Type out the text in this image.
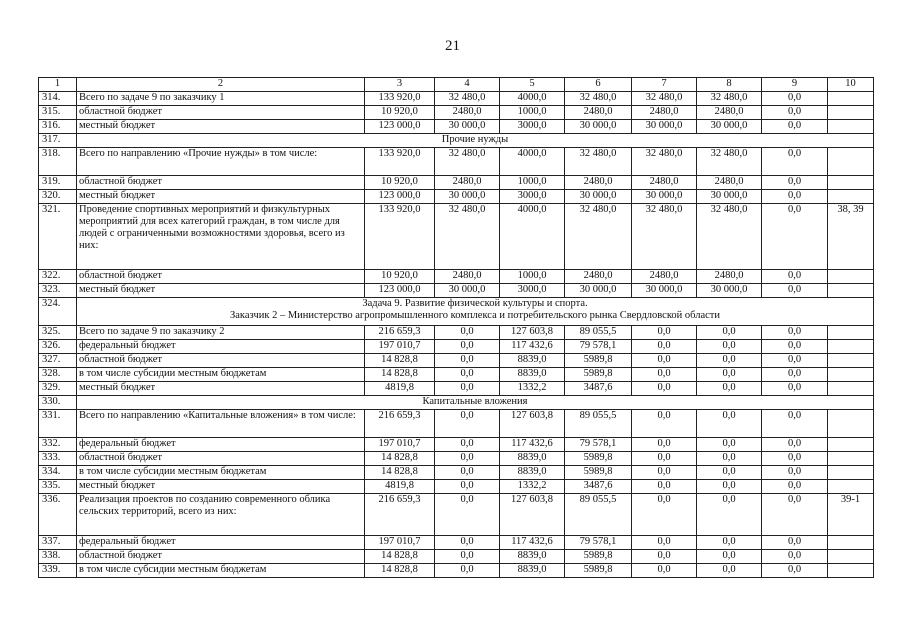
21
1	2	3	4	5	6	7	8	9	10
314.	Всего по задаче 9 по заказчику 1	133 920,0	32 480,0	4000,0	32 480,0	32 480,0	32 480,0	0,0	
315.	областной бюджет	10 920,0	2480,0	1000,0	2480,0	2480,0	2480,0	0,0	
316.	местный бюджет	123 000,0	30 000,0	3000,0	30 000,0	30 000,0	30 000,0	0,0	
317.	Прочие нужды								
318.	Всего по направлению «Прочие нужды» в том числе:	133 920,0	32 480,0	4000,0	32 480,0	32 480,0	32 480,0	0,0	
319.	областной бюджет	10 920,0	2480,0	1000,0	2480,0	2480,0	2480,0	0,0	
320.	местный бюджет	123 000,0	30 000,0	3000,0	30 000,0	30 000,0	30 000,0	0,0	
321.	Проведение спортивных мероприятий и физкультурных мероприятий для всех категорий граждан, в том числе для людей с ограниченными возможностями здоровья, всего из них:	133 920,0	32 480,0	4000,0	32 480,0	32 480,0	32 480,0	0,0	38, 39
322.	областной бюджет	10 920,0	2480,0	1000,0	2480,0	2480,0	2480,0	0,0	
323.	местный бюджет	123 000,0	30 000,0	3000,0	30 000,0	30 000,0	30 000,0	0,0	
324.	Задача 9. Развитие физической культуры и спорта.
Заказчик 2 – Министерство агропромышленного комплекса и потребительского рынка Свердловской области								

325.	Всего по задаче 9 по заказчику 2	216 659,3	0,0	127 603,8	89 055,5	0,0	0,0	0,0	
326.	федеральный бюджет	197 010,7	0,0	117 432,6	79 578,1	0,0	0,0	0,0	
327.	областной бюджет	14 828,8	0,0	8839,0	5989,8	0,0	0,0	0,0	
328.	в том числе субсидии местным бюджетам	14 828,8	0,0	8839,0	5989,8	0,0	0,0	0,0	
329.	местный бюджет	4819,8	0,0	1332,2	3487,6	0,0	0,0	0,0	
330.	Капитальные вложения								
331.	Всего по направлению «Капитальные вложения» в том числе:	216 659,3	0,0	127 603,8	89 055,5	0,0	0,0	0,0	
332.	федеральный бюджет	197 010,7	0,0	117 432,6	79 578,1	0,0	0,0	0,0	
333.	областной бюджет	14 828,8	0,0	8839,0	5989,8	0,0	0,0	0,0	
334.	в том числе субсидии местным бюджетам	14 828,8	0,0	8839,0	5989,8	0,0	0,0	0,0	
335.	местный бюджет	4819,8	0,0	1332,2	3487,6	0,0	0,0	0,0	
336.	Реализация проектов по созданию современного облика сельских территорий, всего из них:	216 659,3	0,0	127 603,8	89 055,5	0,0	0,0	0,0	39-1
337.	федеральный бюджет	197 010,7	0,0	117 432,6	79 578,1	0,0	0,0	0,0	
338.	областной бюджет	14 828,8	0,0	8839,0	5989,8	0,0	0,0	0,0	
339.	в том числе субсидии местным бюджетам	14 828,8	0,0	8839,0	5989,8	0,0	0,0	0,0	
